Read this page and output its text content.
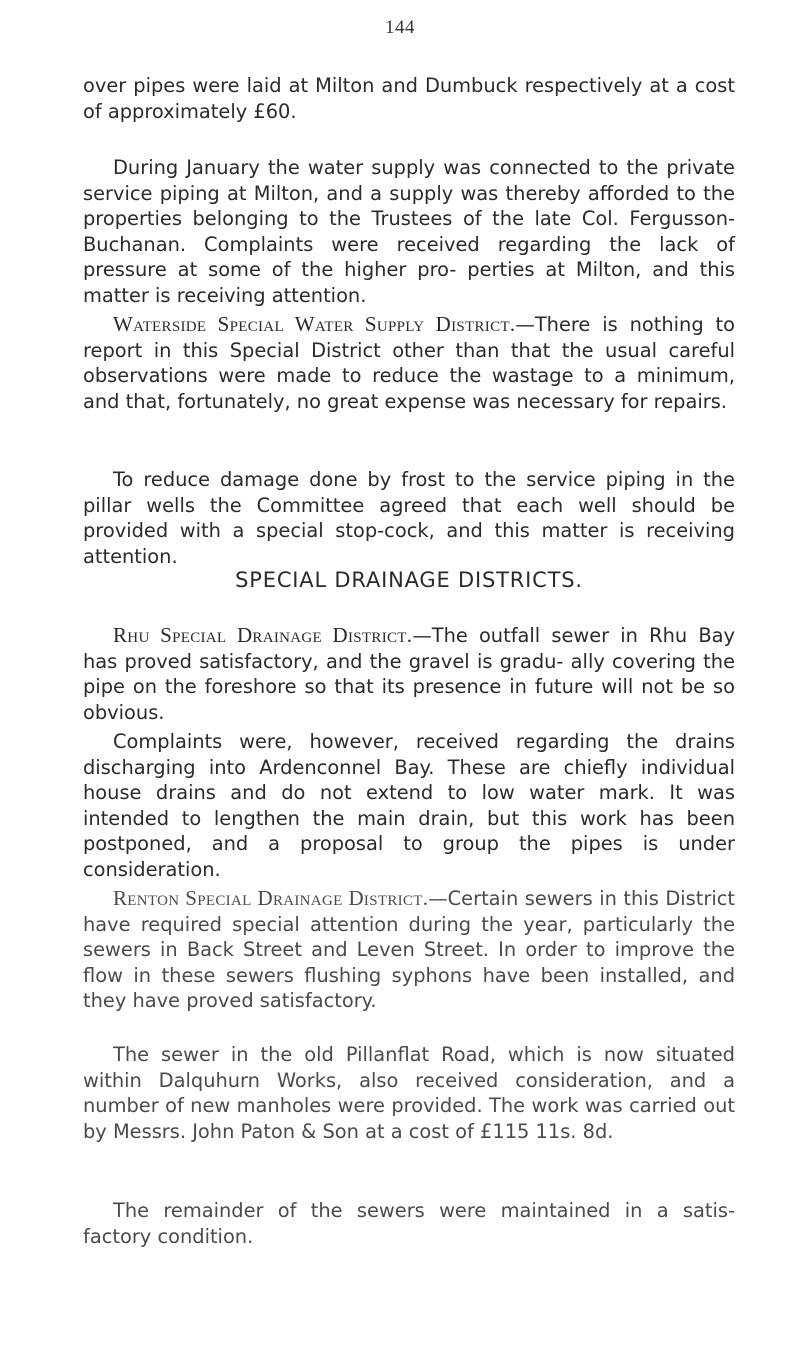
144

over pipes were laid at Milton and Dumbuck respectively at a cost of approximately £60.

During January the water supply was connected to the private service piping at Milton, and a supply was thereby afforded to the properties belonging to the Trustees of the late Col. Fergusson-Buchanan. Complaints were received regarding the lack of pressure at some of the higher pro- perties at Milton, and this matter is receiving attention.

Waterside Special Water Supply District.—There is nothing to report in this Special District other than that the usual careful observations were made to reduce the wastage to a minimum, and that, fortunately, no great expense was necessary for repairs.

To reduce damage done by frost to the service piping in the pillar wells the Committee agreed that each well should be provided with a special stop-cock, and this matter is receiving attention.

SPECIAL DRAINAGE DISTRICTS.

Rhu Special Drainage District.—The outfall sewer in Rhu Bay has proved satisfactory, and the gravel is gradu- ally covering the pipe on the foreshore so that its presence in future will not be so obvious.

Complaints were, however, received regarding the drains discharging into Ardenconnel Bay. These are chiefly individual house drains and do not extend to low water mark. It was intended to lengthen the main drain, but this work has been postponed, and a proposal to group the pipes is under consideration.

Renton Special Drainage District.—Certain sewers in this District have required special attention during the year, particularly the sewers in Back Street and Leven Street. In order to improve the flow in these sewers flushing syphons have been installed, and they have proved satisfactory.

The sewer in the old Pillanflat Road, which is now situated within Dalquhurn Works, also received consideration, and a number of new manholes were provided. The work was carried out by Messrs. John Paton & Son at a cost of £115 11s. 8d.

The remainder of the sewers were maintained in a satis- factory condition.
